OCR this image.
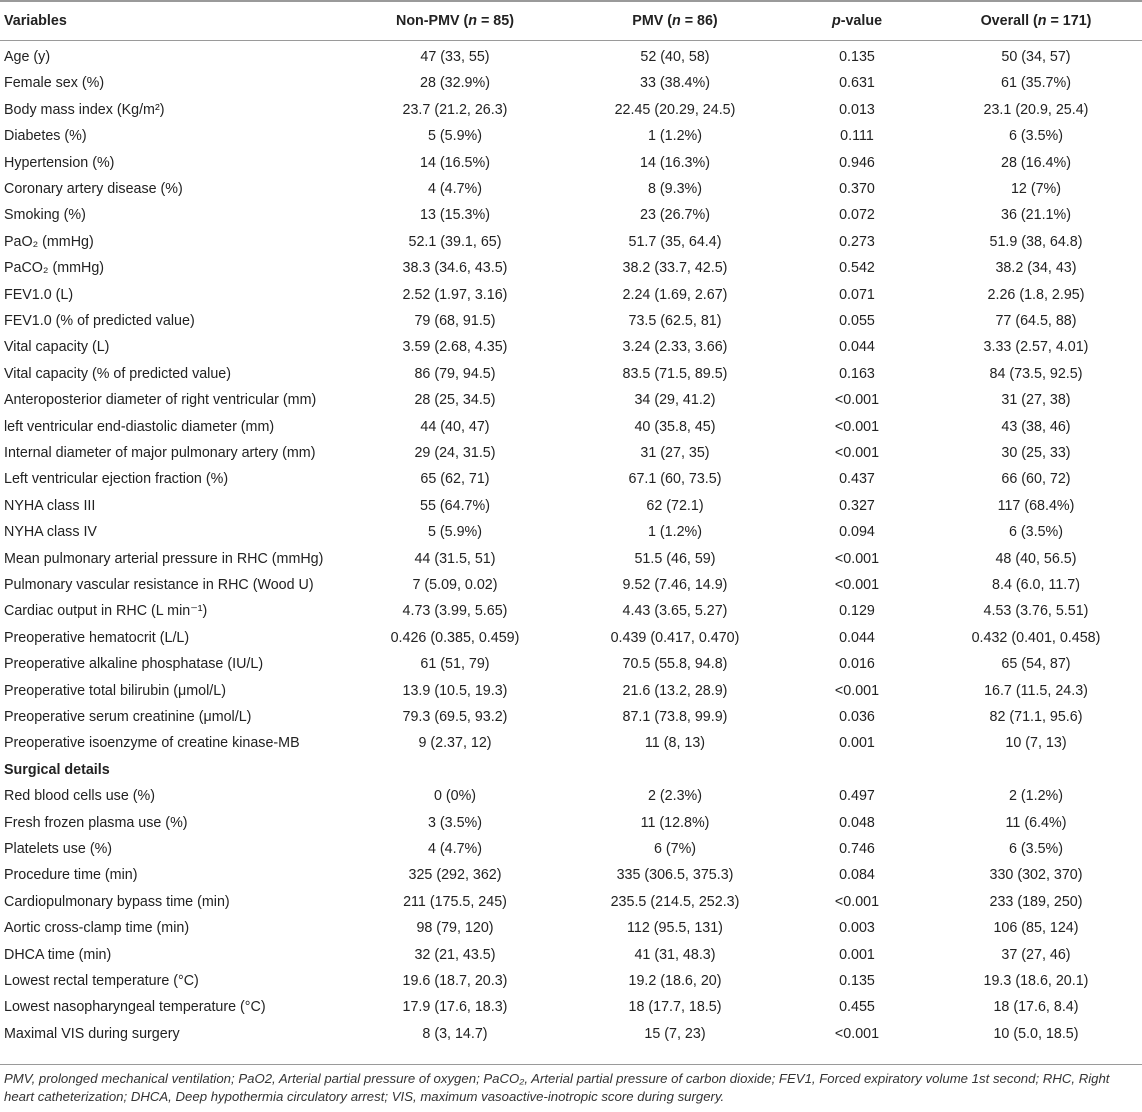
Variables	Non-PMV (n = 85)	PMV (n = 86)	p-value	Overall (n = 171)
Age (y)	47 (33, 55)	52 (40, 58)	0.135	50 (34, 57)
Female sex (%)	28 (32.9%)	33 (38.4%)	0.631	61 (35.7%)
Body mass index (Kg/m²)	23.7 (21.2, 26.3)	22.45 (20.29, 24.5)	0.013	23.1 (20.9, 25.4)
Diabetes (%)	5 (5.9%)	1 (1.2%)	0.111	6 (3.5%)
Hypertension (%)	14 (16.5%)	14 (16.3%)	0.946	28 (16.4%)
Coronary artery disease (%)	4 (4.7%)	8 (9.3%)	0.370	12 (7%)
Smoking (%)	13 (15.3%)	23 (26.7%)	0.072	36 (21.1%)
PaO₂ (mmHg)	52.1 (39.1, 65)	51.7 (35, 64.4)	0.273	51.9 (38, 64.8)
PaCO₂ (mmHg)	38.3 (34.6, 43.5)	38.2 (33.7, 42.5)	0.542	38.2 (34, 43)
FEV1.0 (L)	2.52 (1.97, 3.16)	2.24 (1.69, 2.67)	0.071	2.26 (1.8, 2.95)
FEV1.0 (% of predicted value)	79 (68, 91.5)	73.5 (62.5, 81)	0.055	77 (64.5, 88)
Vital capacity (L)	3.59 (2.68, 4.35)	3.24 (2.33, 3.66)	0.044	3.33 (2.57, 4.01)
Vital capacity (% of predicted value)	86 (79, 94.5)	83.5 (71.5, 89.5)	0.163	84 (73.5, 92.5)
Anteroposterior diameter of right ventricular (mm)	28 (25, 34.5)	34 (29, 41.2)	<0.001	31 (27, 38)
left ventricular end-diastolic diameter (mm)	44 (40, 47)	40 (35.8, 45)	<0.001	43 (38, 46)
Internal diameter of major pulmonary artery (mm)	29 (24, 31.5)	31 (27, 35)	<0.001	30 (25, 33)
Left ventricular ejection fraction (%)	65 (62, 71)	67.1 (60, 73.5)	0.437	66 (60, 72)
NYHA class III	55 (64.7%)	62 (72.1)	0.327	117 (68.4%)
NYHA class IV	5 (5.9%)	1 (1.2%)	0.094	6 (3.5%)
Mean pulmonary arterial pressure in RHC (mmHg)	44 (31.5, 51)	51.5 (46, 59)	<0.001	48 (40, 56.5)
Pulmonary vascular resistance in RHC (Wood U)	7 (5.09, 0.02)	9.52 (7.46, 14.9)	<0.001	8.4 (6.0, 11.7)
Cardiac output in RHC (L min⁻¹)	4.73 (3.99, 5.65)	4.43 (3.65, 5.27)	0.129	4.53 (3.76, 5.51)
Preoperative hematocrit (L/L)	0.426 (0.385, 0.459)	0.439 (0.417, 0.470)	0.044	0.432 (0.401, 0.458)
Preoperative alkaline phosphatase (IU/L)	61 (51, 79)	70.5 (55.8, 94.8)	0.016	65 (54, 87)
Preoperative total bilirubin (μmol/L)	13.9 (10.5, 19.3)	21.6 (13.2, 28.9)	<0.001	16.7 (11.5, 24.3)
Preoperative serum creatinine (μmol/L)	79.3 (69.5, 93.2)	87.1 (73.8, 99.9)	0.036	82 (71.1, 95.6)
Preoperative isoenzyme of creatine kinase-MB	9 (2.37, 12)	11 (8, 13)	0.001	10 (7, 13)
Surgical details
Red blood cells use (%)	0 (0%)	2 (2.3%)	0.497	2 (1.2%)
Fresh frozen plasma use (%)	3 (3.5%)	11 (12.8%)	0.048	11 (6.4%)
Platelets use (%)	4 (4.7%)	6 (7%)	0.746	6 (3.5%)
Procedure time (min)	325 (292, 362)	335 (306.5, 375.3)	0.084	330 (302, 370)
Cardiopulmonary bypass time (min)	211 (175.5, 245)	235.5 (214.5, 252.3)	<0.001	233 (189, 250)
Aortic cross-clamp time (min)	98 (79, 120)	112 (95.5, 131)	0.003	106 (85, 124)
DHCA time (min)	32 (21, 43.5)	41 (31, 48.3)	0.001	37 (27, 46)
Lowest rectal temperature (°C)	19.6 (18.7, 20.3)	19.2 (18.6, 20)	0.135	19.3 (18.6, 20.1)
Lowest nasopharyngeal temperature (°C)	17.9 (17.6, 18.3)	18 (17.7, 18.5)	0.455	18 (17.6, 8.4)
Maximal VIS during surgery	8 (3, 14.7)	15 (7, 23)	<0.001	10 (5.0, 18.5)
PMV, prolonged mechanical ventilation; PaO2, Arterial partial pressure of oxygen; PaCO₂, Arterial partial pressure of carbon dioxide; FEV1, Forced expiratory volume 1st second; RHC, Right heart catheterization; DHCA, Deep hypothermia circulatory arrest; VIS, maximum vasoactive-inotropic score during surgery.
